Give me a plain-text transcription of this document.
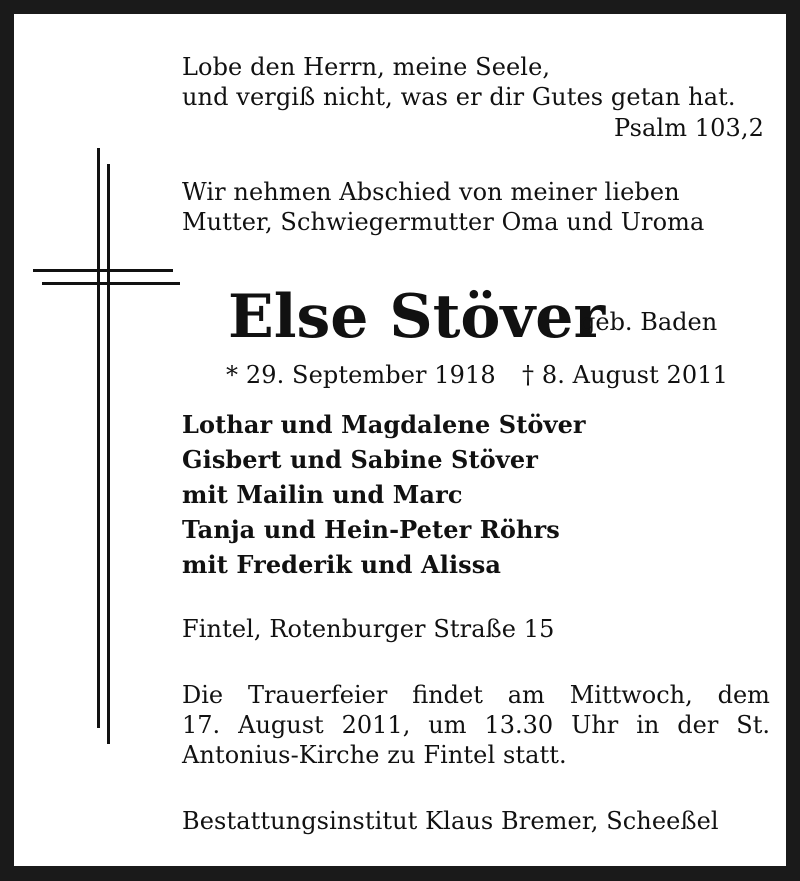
Lobe den Herrn, meine Seele,
und vergiß nicht, was er dir Gutes getan hat.
Psalm 103,2
Wir nehmen Abschied von meiner lieben
Mutter, Schwiegermutter Oma und Uroma
Else Stöver
geb. Baden
* 29. September 1918 † 8. August 2011
Lothar und Magdalene Stöver
Gisbert und Sabine Stöver
mit Mailin und Marc
Tanja und Hein-Peter Röhrs
mit Frederik und Alissa
Fintel, Rotenburger Straße 15
Die Trauerfeier findet am Mittwoch, dem
17. August 2011, um 13.30 Uhr in der St.
Antonius-Kirche zu Fintel statt.
Bestattungsinstitut Klaus Bremer, Scheeßel
